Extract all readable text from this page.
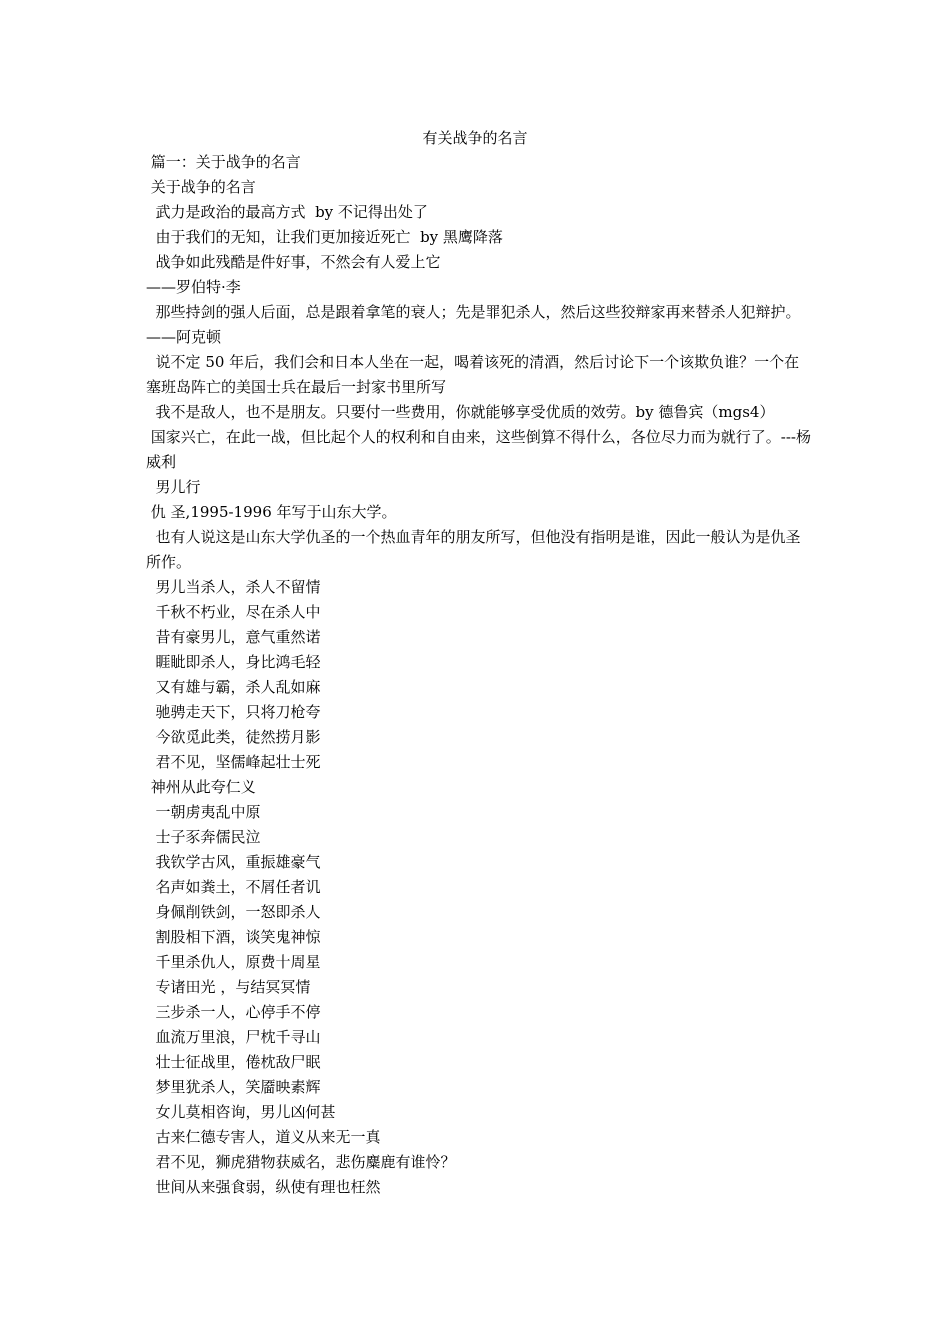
有关战争的名言
篇一：关于战争的名言
关于战争的名言
武力是政治的最高方式  by 不记得出处了
由于我们的无知，让我们更加接近死亡  by 黑鹰降落
战争如此残酷是件好事，不然会有人爱上它
——罗伯特·李
那些持剑的强人后面，总是跟着拿笔的衰人；先是罪犯杀人，然后这些狡辩家再来替杀人犯辩护。 ——阿克顿
说不定 50 年后，我们会和日本人坐在一起，喝着该死的清酒，然后讨论下一个该欺负谁？一个在塞班岛阵亡的美国士兵在最后一封家书里所写
我不是敌人，也不是朋友。只要付一些费用，你就能够享受优质的效劳。by 德鲁宾（mgs4）
国家兴亡，在此一战，但比起个人的权利和自由来，这些倒算不得什么，各位尽力而为就行了。---杨威利
男儿行
仇 圣,1995-1996 年写于山东大学。
也有人说这是山东大学仇圣的一个热血青年的朋友所写，但他没有指明是谁，因此一般认为是仇圣所作。
男儿当杀人，杀人不留情
千秋不朽业，尽在杀人中
昔有豪男儿，意气重然诺
睚眦即杀人，身比鸿毛轻
又有雄与霸，杀人乱如麻
驰骋走天下，只将刀枪夸
今欲觅此类，徒然捞月影
君不见，坚儒峰起壮士死
神州从此夸仁义
一朝虏夷乱中原
士子豕奔儒民泣
我钦学古风，重振雄豪气
名声如粪土，不屑任者讥
身佩削铁剑，一怒即杀人
割股相下酒，谈笑鬼神惊
千里杀仇人，原费十周星
专诸田光 ，与结冥冥情
三步杀一人，心停手不停
血流万里浪，尸枕千寻山
壮士征战里，倦枕敌尸眠
梦里犹杀人，笑靥映素辉
女儿莫相咨询，男儿凶何甚
古来仁德专害人，道义从来无一真
君不见，狮虎猎物获威名，悲伤麋鹿有谁怜？
世间从来强食弱，纵使有理也枉然
